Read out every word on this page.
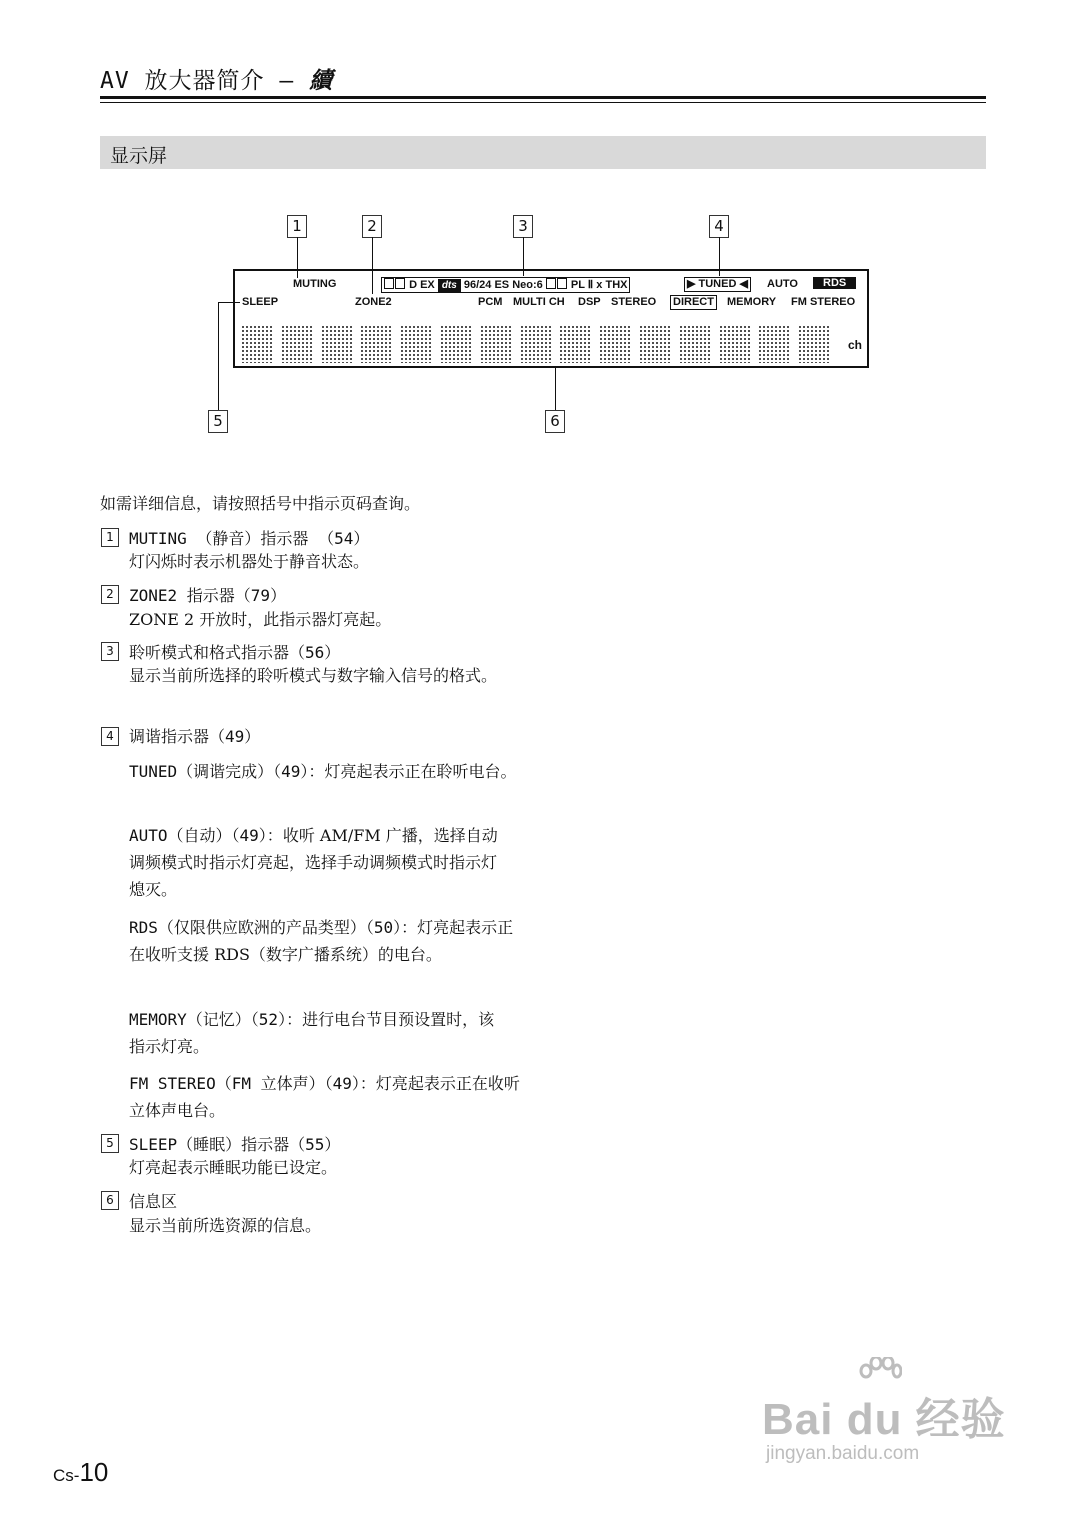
AV 放大器简介 – 續
显示屏
1	2	3	4
5	6
MUTING
SLEEP	ZONE2
D EX dts 96/24 ES Neo:6	PL Ⅱ x THX
PCM MULTI CH DSP STEREO DIRECT
▶ TUNED ◀ AUTO	RDS
MEMORY FM STEREO
ch
如需详细信息，请按照括号中指示页码查询。
1 MUTING （静音）指示器 （54）
灯闪烁时表示机器处于静音状态。
2 ZONE2 指示器（79）
ZONE 2 开放时，此指示器灯亮起。
3 聆听模式和格式指示器（56）
显示当前所选择的聆听模式与数字输入信号的格式。
4 调谐指示器（49）
TUNED（调谐完成）（49）：灯亮起表示正在聆听电台。
AUTO（自动）（49）：收听 AM/FM 广播，选择自动调频模式时指示灯亮起，选择手动调频模式时指示灯熄灭。
RDS（仅限供应欧洲的产品类型）（50）：灯亮起表示正在收听支援 RDS（数字广播系统）的电台。
MEMORY（记忆）（52）：进行电台节目预设置时，该指示灯亮。
FM STEREO（FM 立体声）（49）：灯亮起表示正在收听立体声电台。
5 SLEEP（睡眠）指示器（55）
灯亮起表示睡眠功能已设定。
6 信息区
显示当前所选资源的信息。
Cs-10
Bai du 经验
jingyan.baidu.com
